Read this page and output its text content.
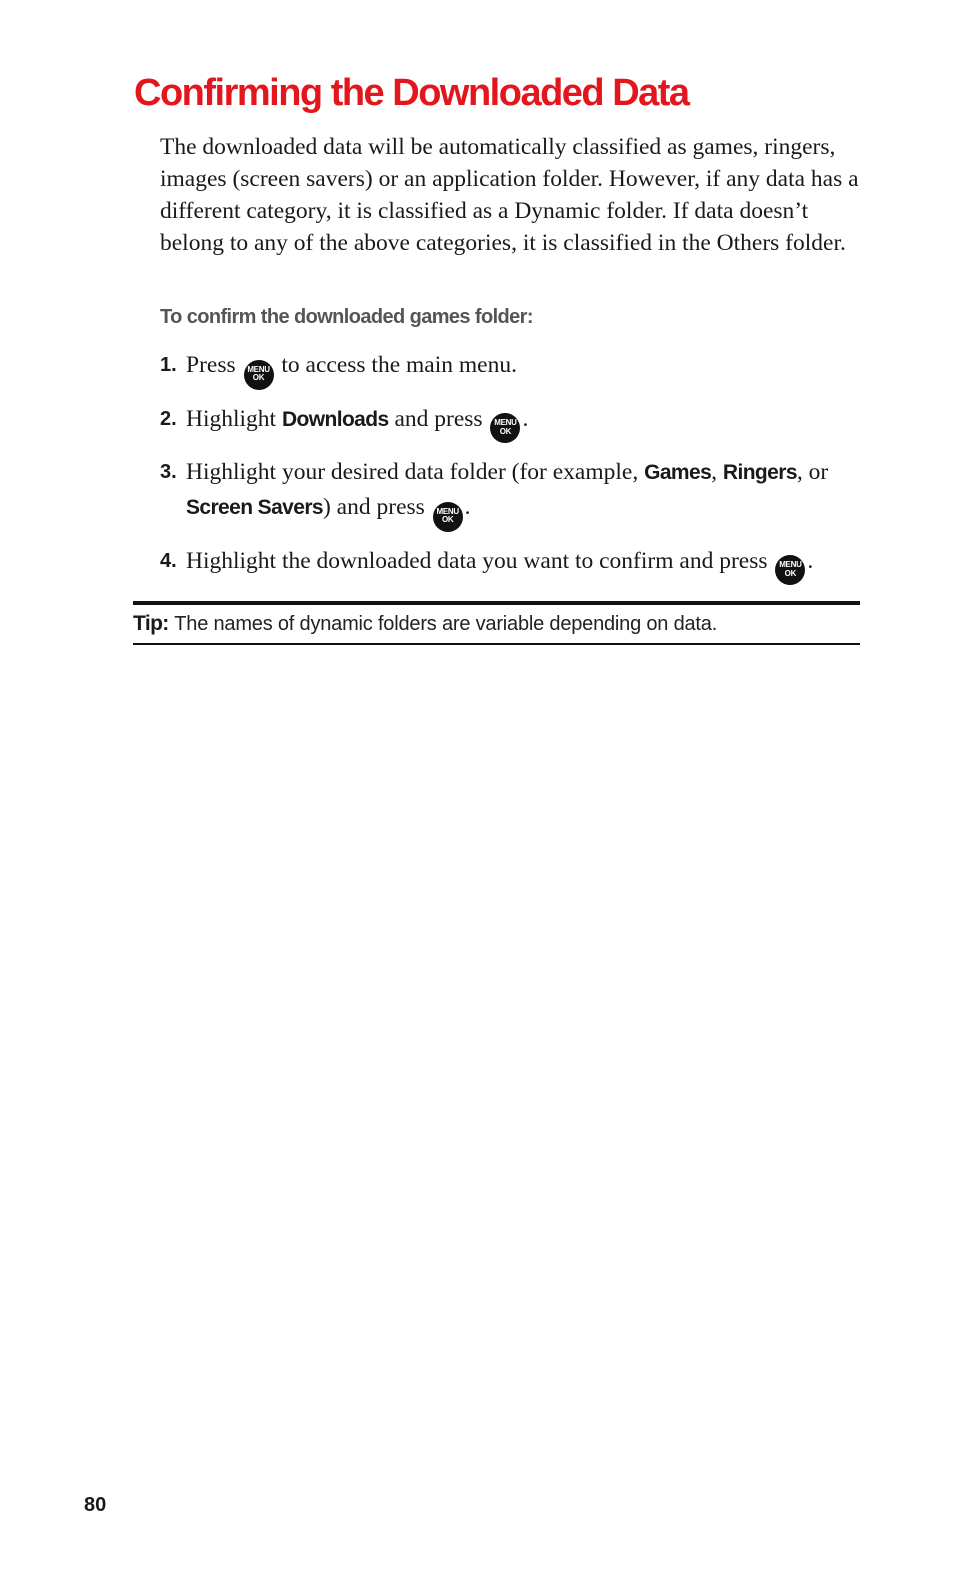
Confirming the Downloaded Data

The downloaded data will be automatically classified as games, ringers, images (screen savers) or an application folder. However, if any data has a different category, it is classified as a Dynamic folder. If data doesn’t belong to any of the above categories, it is classified in the Others folder.

To confirm the downloaded games folder:

1. Press	MENU
OK to access the main menu.
2. Highlight Downloads and press	MENU
OK .
3. Highlight your desired data folder (for example, Games, Ringers, or Screen Savers) and press	MENU
OK .
4. Highlight the downloaded data you want to confirm and press	MENU
OK .
Tip: The names of dynamic folders are variable depending on data.
80
